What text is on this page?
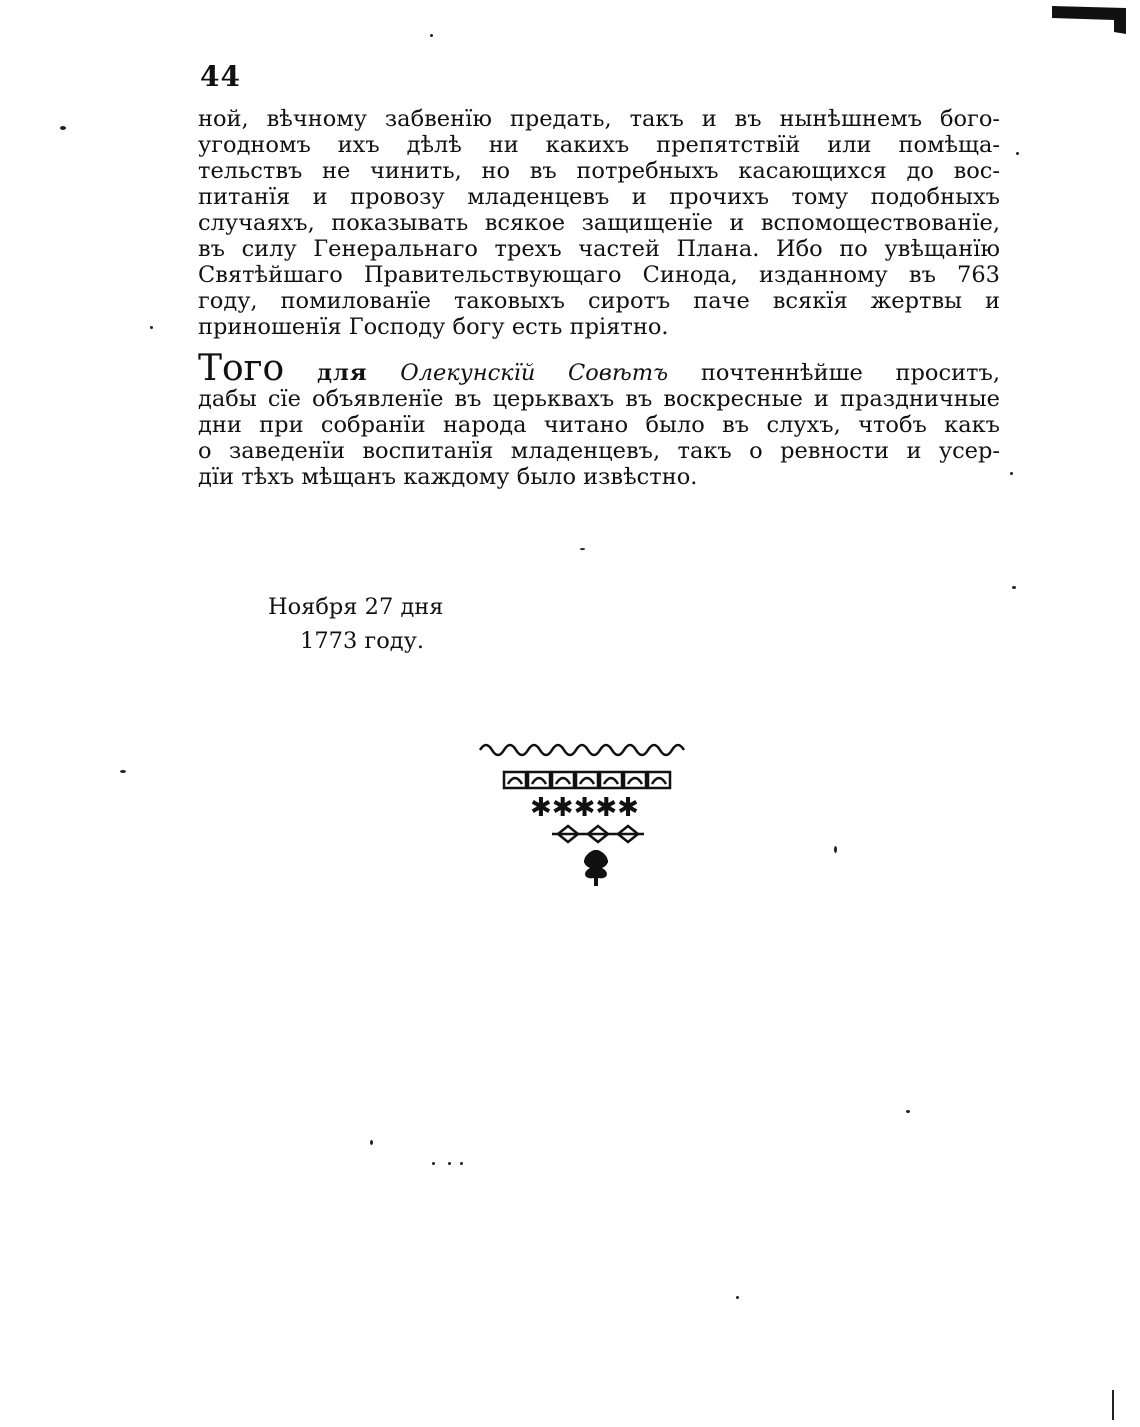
44
ной, вѣчному забвенїю предать, такъ и въ нынѣшнемъ бого-
угодномъ ихъ дѣлѣ ни какихъ препятствїй или помѣща-
тельствъ не чинить, но въ потребныхъ касающихся до вос-
питанїя и провозу младенцевъ и прочихъ тому подобныхъ
случаяхъ, показывать всякое защищенїе и вспомоществованїе,
въ силу Генеральнаго трехъ частей Плана. Ибо по увѣщанїю
Святѣйшаго Правительствующаго Синода, изданному въ 763
году, помилованїе таковыхъ сиротъ паче всякїя жертвы и
приношенїя Господу богу есть прiятно.
Того для Олекунскїй Совѣтъ почтеннѣйше проситъ,
дабы сїе объявленїе въ церьквахъ въ воскресные и праздничные
дни при собранїи народа читано было въ слухъ, чтобъ какъ
о заведенїи воспитанїя младенцевъ, такъ о ревности и усер-
дїи тѣхъ мѣщанъ каждому было извѣстно.
Ноября 27 дня
1773 году.
✱✱✱✱✱
